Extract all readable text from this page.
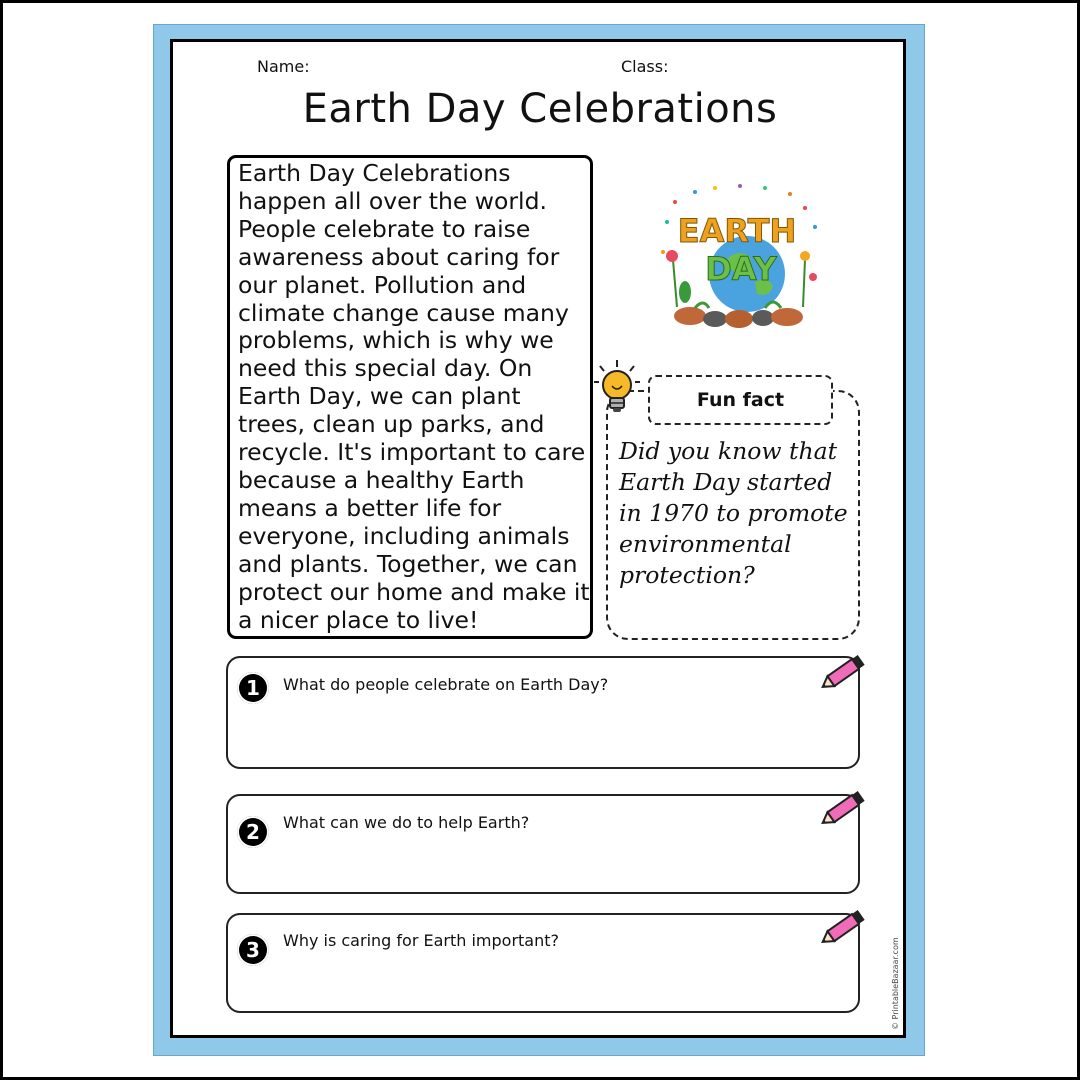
Name:	Class:
Earth Day Celebrations

Earth Day Celebrations
happen all over the world.
People celebrate to raise
awareness about caring for
our planet. Pollution and
climate change cause many
problems, which is why we
need this special day. On
Earth Day, we can plant
trees, clean up parks, and
recycle. It's important to care
because a healthy Earth
means a better life for
everyone, including animals
and plants. Together, we can
protect our home and make it
a nicer place to live!

EARTH
DAY
Fun fact

Did you know that
Earth Day started
in 1970 to promote
environmental
protection?

1	What do people celebrate on Earth Day?
2	What can we do to help Earth?
3	Why is caring for Earth important?	© PrintableBazaar.com
